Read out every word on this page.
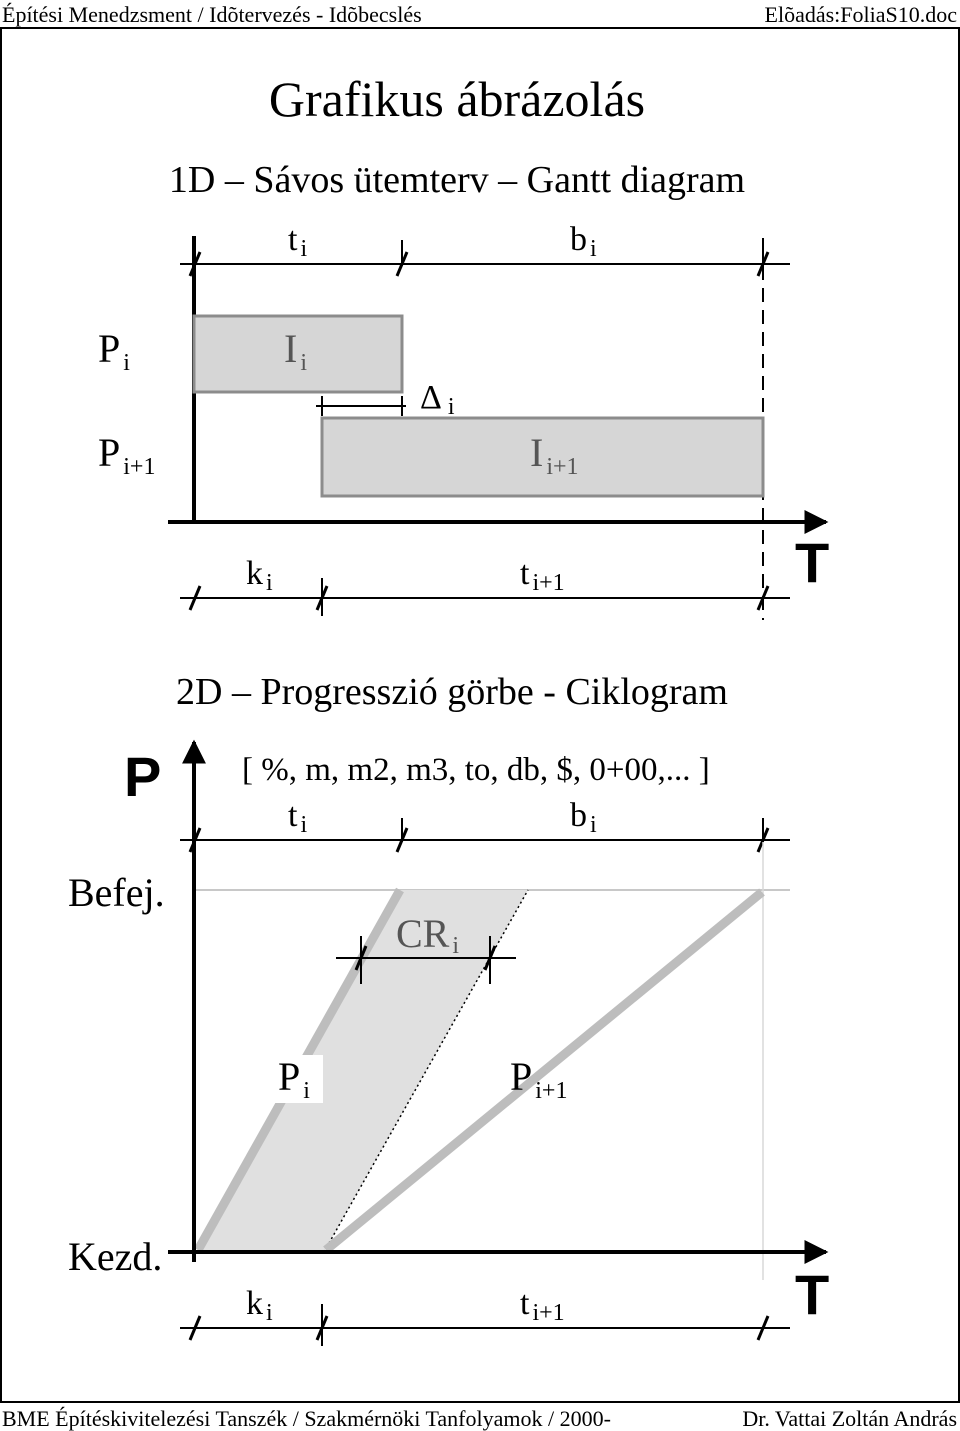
Építési Menedzsment / Idõtervezés - Idõbecslés	Elõadás:FoliaS10.doc
Grafikus ábrázolás
1D – Sávos ütemterv – Gantt diagram
t i	b i
I $_i$
I $_{i+1}$
P $_i$
P $_{i+1}$
Δ i
k i	t i+1	T
2D – Progresszió görbe - Ciklogram
P [ %, m, m2, m3, to, db, $, 0+00,... ]
t i	b i
CR i
P $_i$	P $_{i+1}$
Befej.
Kezd.
k i	t i+1	T
BME Építéskivitelezési Tanszék / Szakmérnöki Tanfolyamok / 2000-	Dr. Vattai Zoltán András
